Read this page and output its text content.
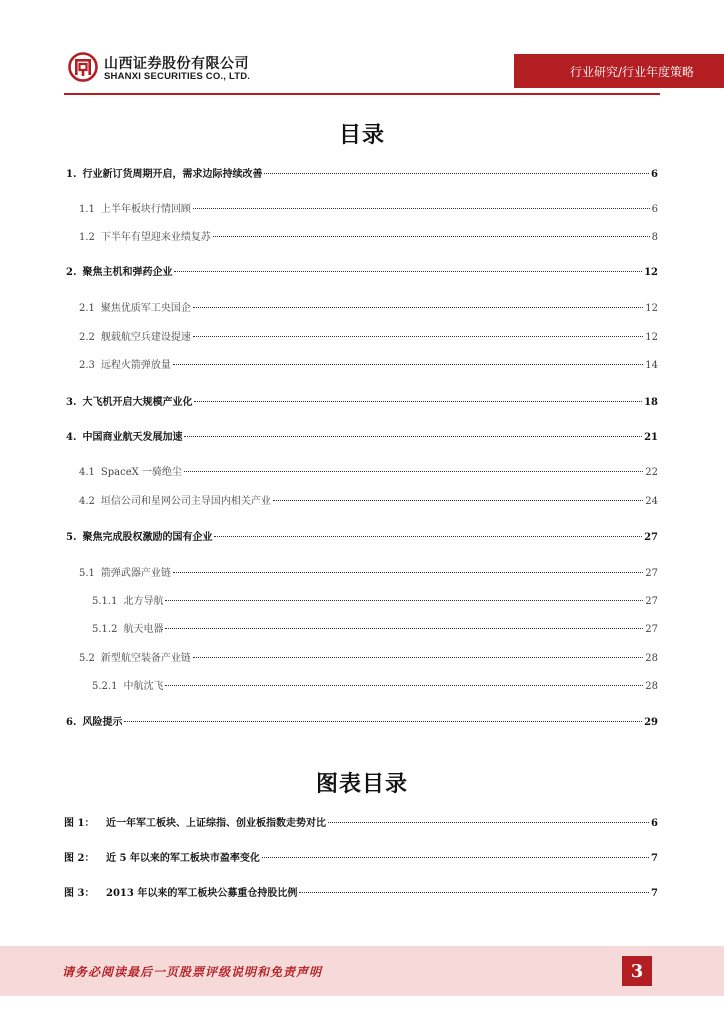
山西证券股份有限公司
SHANXI SECURITIES CO., LTD.	行业研究/行业年度策略
目录
1. 行业新订货周期开启，需求边际持续改善	6
1.1 上半年板块行情回顾	6
1.2 下半年有望迎来业绩复苏	8
2. 聚焦主机和弹药企业	12
2.1 聚焦优质军工央国企	12
2.2 舰载航空兵建设提速	12
2.3 远程火箭弹放量	14
3. 大飞机开启大规模产业化	18
4. 中国商业航天发展加速	21
4.1 SpaceX 一骑绝尘	22
4.2 垣信公司和星网公司主导国内相关产业	24
5. 聚焦完成股权激励的国有企业	27
5.1 箭弹武器产业链	27
5.1.1 北方导航	27
5.1.2 航天电器	27
5.2 新型航空装备产业链	28
5.2.1 中航沈飞	28
6. 风险提示	29
图表目录
图 1：	近一年军工板块、上证综指、创业板指数走势对比	6
图 2：	近 5 年以来的军工板块市盈率变化	7
图 3：	2013 年以来的军工板块公募重仓持股比例	7
请务必阅读最后一页股票评级说明和免责声明	3
